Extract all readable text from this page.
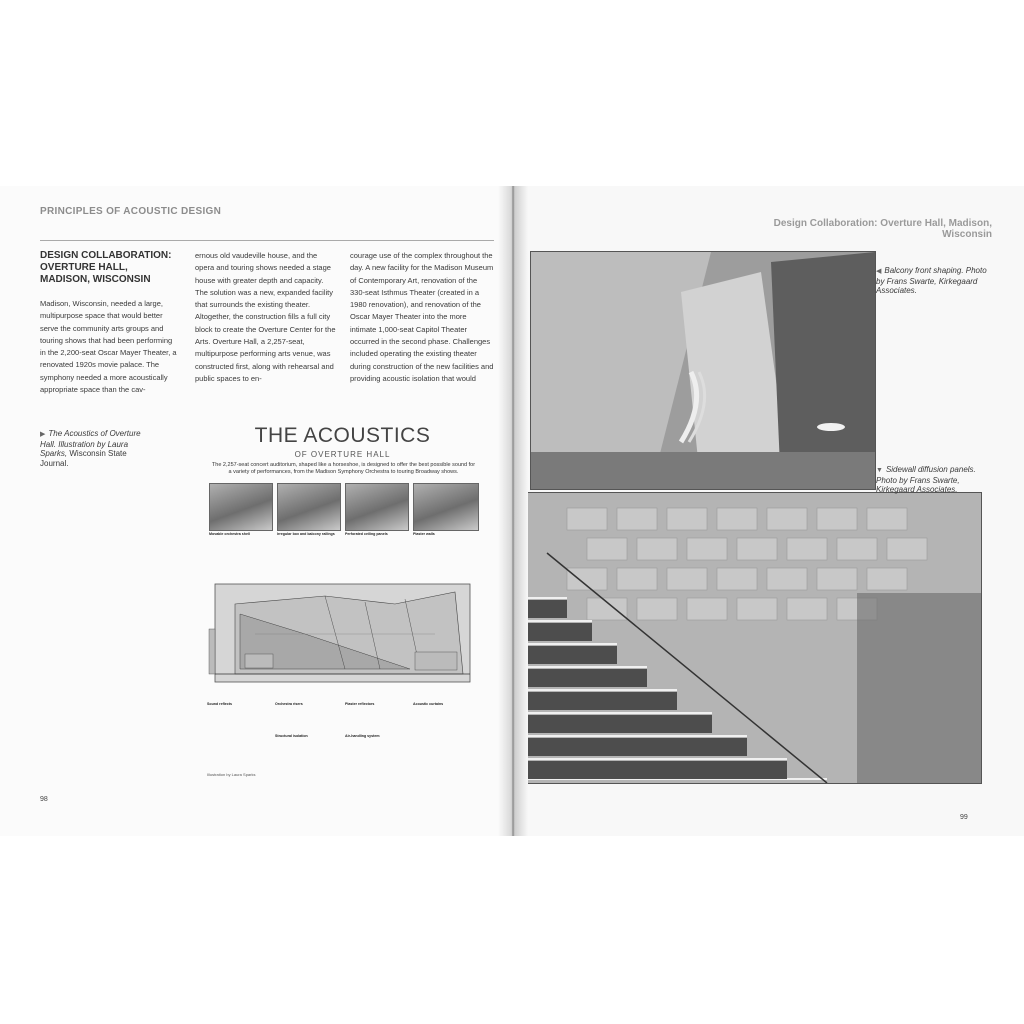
PRINCIPLES OF ACOUSTIC DESIGN
DESIGN COLLABORATION: OVERTURE HALL, MADISON, WISCONSIN
Madison, Wisconsin, needed a large, multipurpose space that would better serve the community arts groups and touring shows that had been performing in the 2,200-seat Oscar Mayer Theater, a renovated 1920s movie palace. The symphony needed a more acoustically appropriate space than the cav-
ernous old vaudeville house, and the opera and touring shows needed a stage house with greater depth and capacity. The solution was a new, expanded facility that surrounds the existing theater. Altogether, the construction fills a full city block to create the Overture Center for the Arts. Overture Hall, a 2,257-seat, multipurpose performing arts venue, was constructed first, along with rehearsal and public spaces to en-
courage use of the complex throughout the day. A new facility for the Madison Museum of Contemporary Art, renovation of the 330-seat Isthmus Theater (created in a 1980 renovation), and renovation of the Oscar Mayer Theater into the more intimate 1,000-seat Capitol Theater occurred in the second phase. Challenges included operating the existing theater during construction of the new facilities and providing acoustic isolation that would
▶ The Acoustics of Overture Hall. Illustration by Laura Sparks, Wisconsin State Journal.
THE ACOUSTICS
OF OVERTURE HALL
The 2,257-seat concert auditorium, shaped like a horseshoe, is designed to offer the best possible sound for a variety of performances, from the Madison Symphony Orchestra to touring Broadway shows.
Movable orchestra shell	Irregular box and balcony railings	Perforated ceiling panels	Plaster walls
Sound reflects	Orchestra risers	Plaster reflectors	Acoustic curtains
Structural isolation	Air-handling system
Illustration by Laura Sparks
98
Design Collaboration: Overture Hall, Madison, Wisconsin
◀ Balcony front shaping. Photo by Frans Swarte, Kirkegaard Associates.
▼ Sidewall diffusion panels. Photo by Frans Swarte, Kirkegaard Associates.
99
